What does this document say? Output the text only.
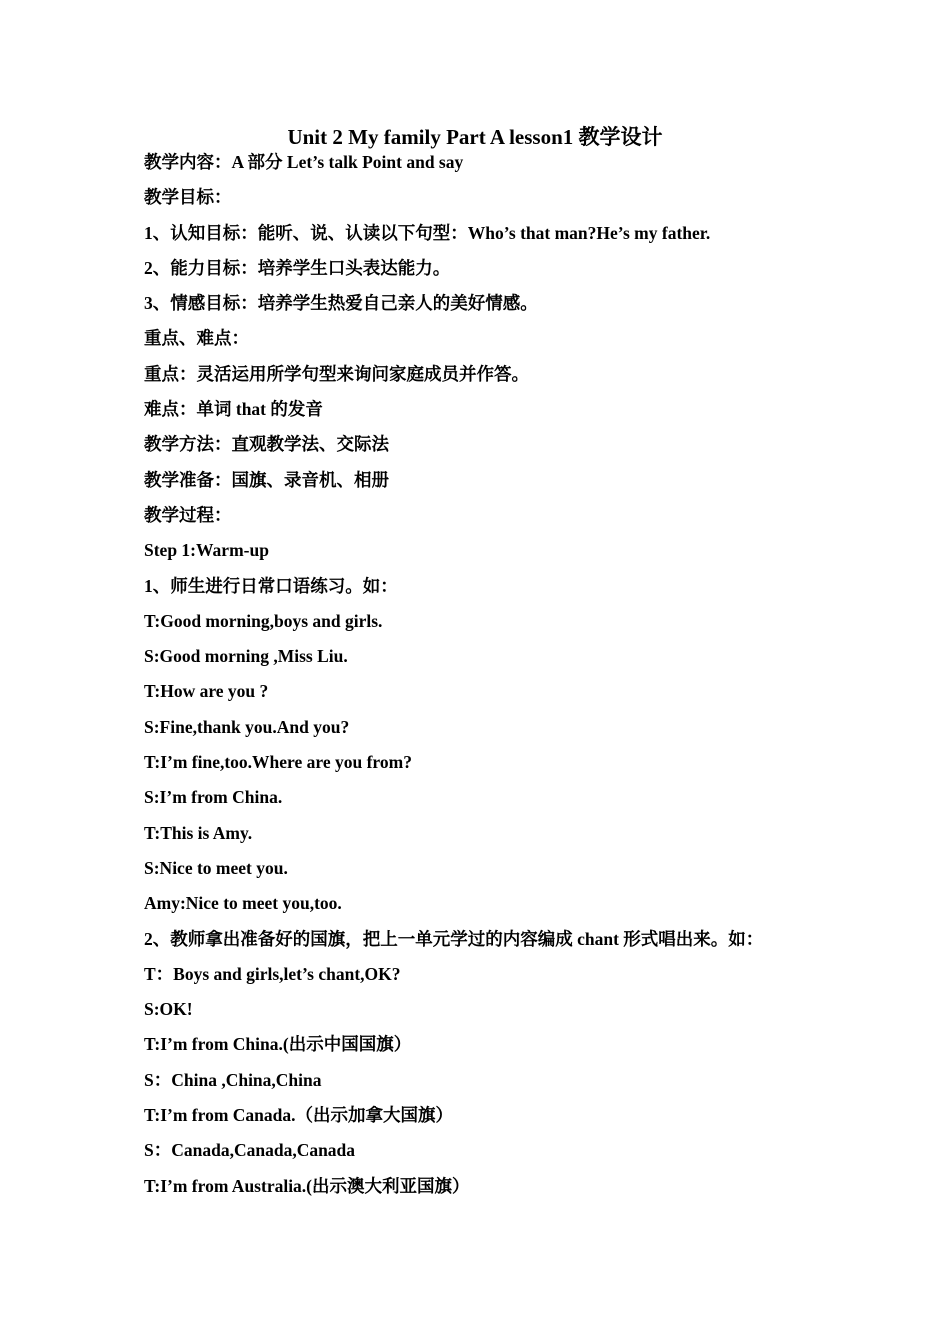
Unit 2 My family Part A lesson1 教学设计
教学内容：A 部分 Let’s talk Point and say
教学目标：
1、认知目标：能听、说、认读以下句型：Who’s that man?He’s my father.
2、能力目标：培养学生口头表达能力。
3、情感目标：培养学生热爱自己亲人的美好情感。
重点、难点：
重点：灵活运用所学句型来询问家庭成员并作答。
难点：单词 that 的发音
教学方法：直观教学法、交际法
教学准备：国旗、录音机、相册
教学过程：
Step 1:Warm-up
1、师生进行日常口语练习。如：
T:Good morning,boys and girls.
S:Good morning ,Miss Liu.
T:How are you ?
S:Fine,thank you.And you?
T:I’m fine,too.Where are you from?
S:I’m from China.
T:This is Amy.
S:Nice to meet you.
Amy:Nice to meet you,too.
2、教师拿出准备好的国旗，把上一单元学过的内容编成 chant 形式唱出来。如：
T：Boys and girls,let’s chant,OK?
S:OK!
T:I’m from China.(出示中国国旗）
S：China ,China,China
T:I’m from Canada.（出示加拿大国旗）
S：Canada,Canada,Canada
T:I’m from Australia.(出示澳大利亚国旗）
